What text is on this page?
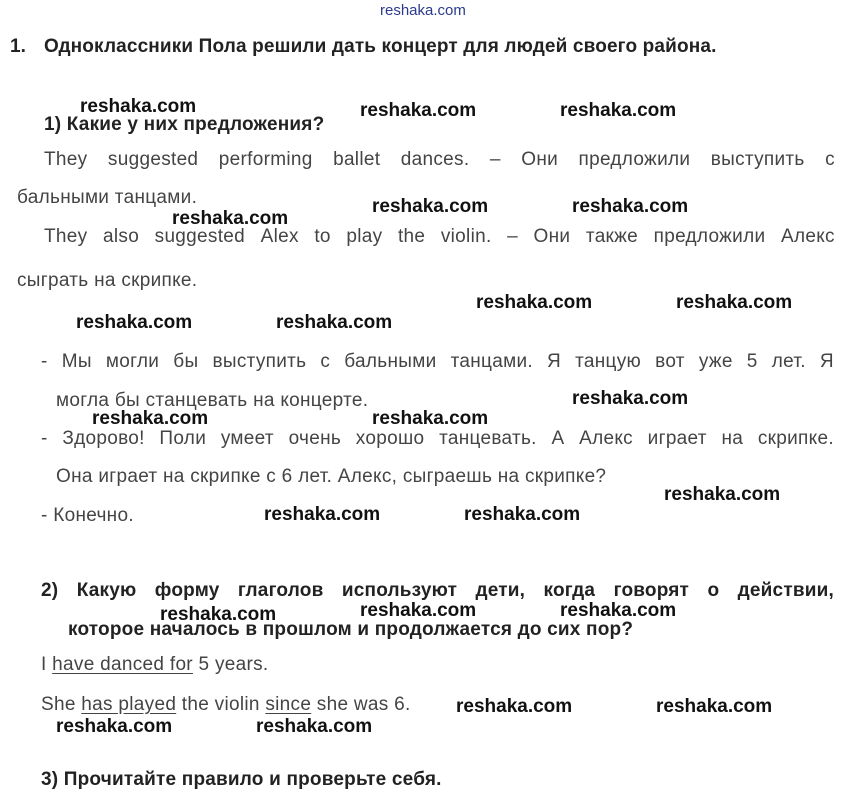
reshaka.com
1. Одноклассники Пола решили дать концерт для людей своего района.
1) Какие у них предложения?
They suggested performing ballet dances. – Они предложили выступить с
бальными танцами.
They also suggested Alex to play the violin. – Они также предложили Алекс
сыграть на скрипке.
- Мы могли бы выступить с бальными танцами. Я танцую вот уже 5 лет. Я
могла бы станцевать на концерте.
- Здорово! Поли умеет очень хорошо танцевать. А Алекс играет на скрипке.
Она играет на скрипке с 6 лет. Алекс, сыграешь на скрипке?
- Конечно.
2) Какую форму глаголов используют дети, когда говорят о действии,
которое началось в прошлом и продолжается до сих пор?
I have danced for 5 years.
She has played the violin since she was 6.
3) Прочитайте правило и проверьте себя.
reshaka.com	reshaka.com	reshaka.com
reshaka.com
reshaka.com	reshaka.com
reshaka.com	reshaka.com
reshaka.com	reshaka.com
reshaka.com
reshaka.com	reshaka.com
reshaka.com
reshaka.com	reshaka.com
reshaka.com	reshaka.com
reshaka.com
reshaka.com	reshaka.com
reshaka.com	reshaka.com
